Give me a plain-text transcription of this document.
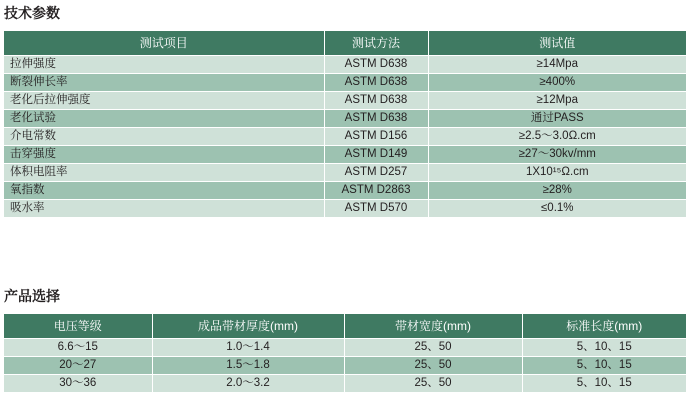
技术参数
测试项目	测试方法	测试值
拉伸强度	ASTM D638	≥14Mpa
断裂伸长率	ASTM D638	≥400%
老化后拉伸强度	ASTM D638	≥12Mpa
老化试验	ASTM D638	通过PASS
介电常数	ASTM D156	≥2.5～3.0Ω.cm
击穿强度	ASTM D149	≥27～30kv/mm
体积电阻率	ASTM D257	1X10¹⁵Ω.cm
氧指数	ASTM D2863	≥28%
吸水率	ASTM D570	≤0.1%
产品选择
电压等级	成品带材厚度(mm)	带材宽度(mm)	标准长度(mm)
6.6～15	1.0～1.4	25、50	5、10、15
20～27	1.5～1.8	25、50	5、10、15
30～36	2.0～3.2	25、50	5、10、15
